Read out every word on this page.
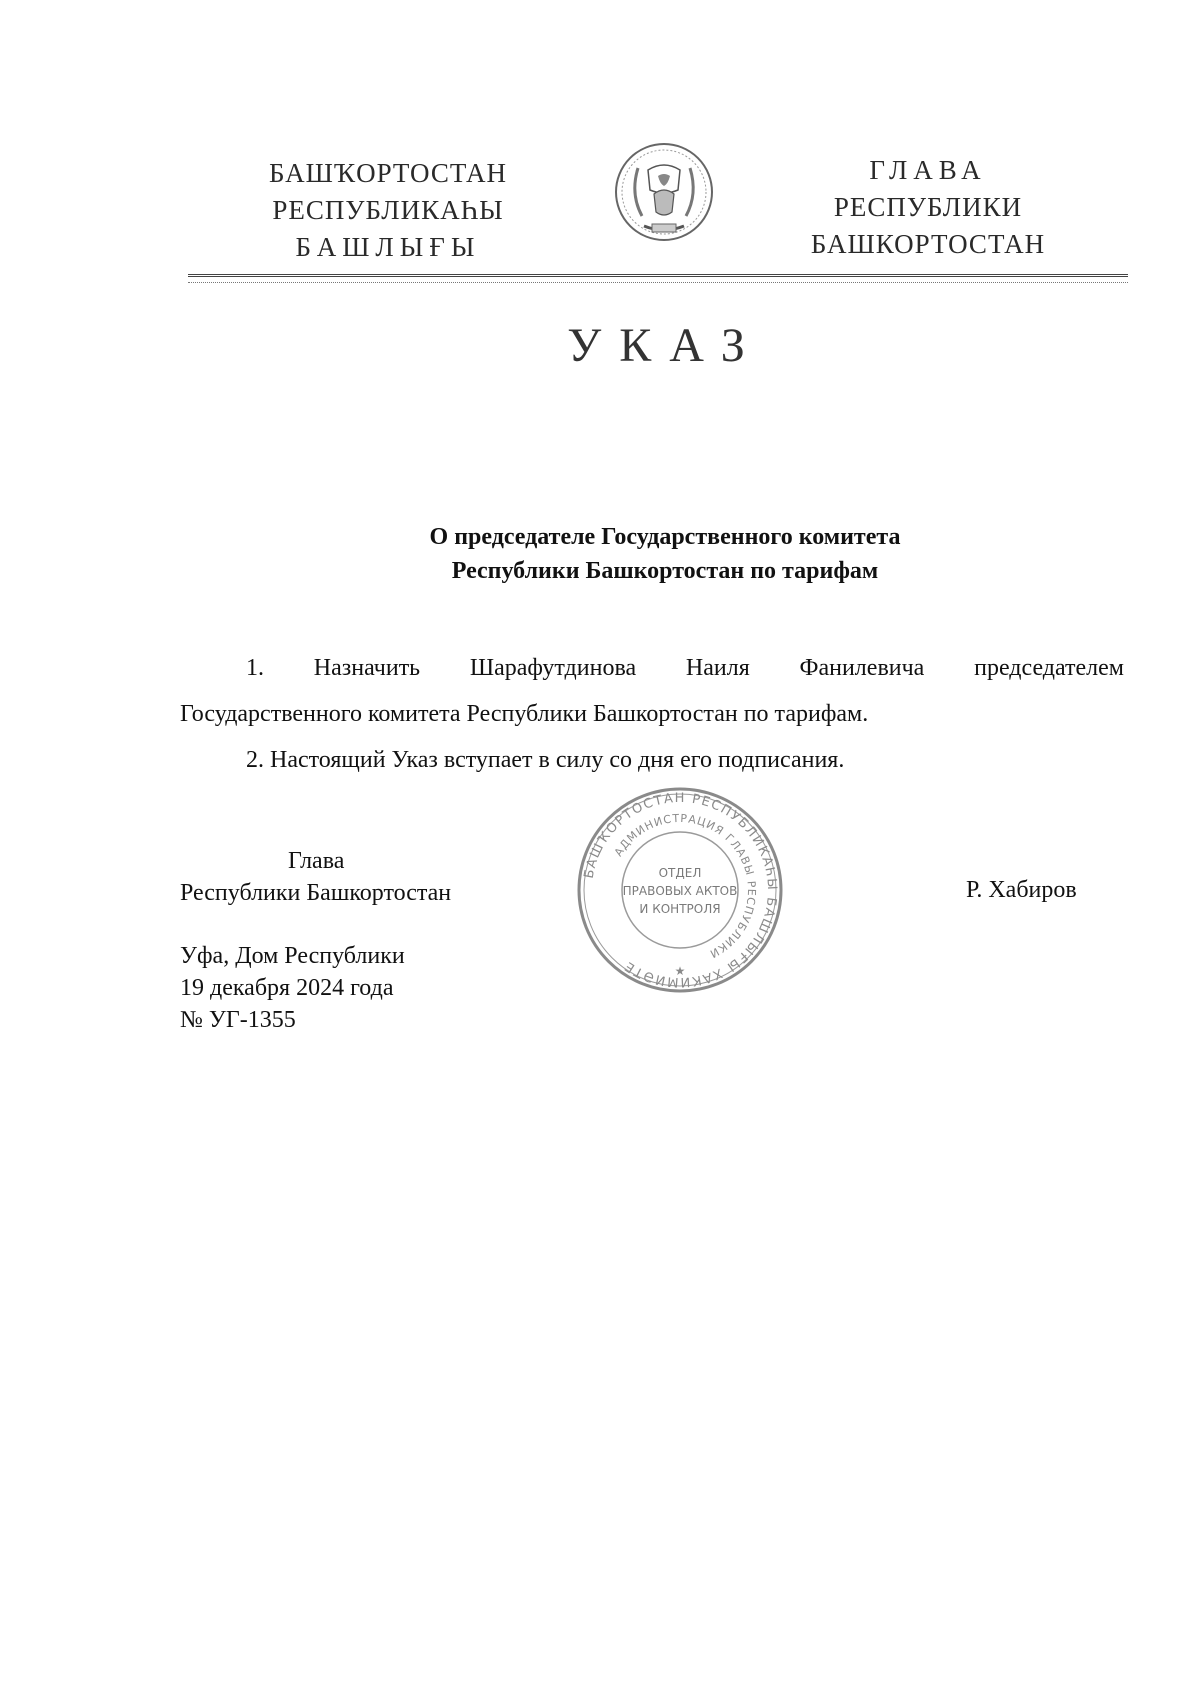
БАШҠОРТОСТАН
РЕСПУБЛИКАҺЫ
БАШЛЫҒЫ
ГЛАВА
РЕСПУБЛИКИ
БАШКОРТОСТАН
УКАЗ
О председателе Государственного комитета
Республики Башкортостан по тарифам
1. Назначить Шарафутдинова Наиля Фанилевича председателем
Государственного комитета Республики Башкортостан по тарифам.
2. Настоящий Указ вступает в силу со дня его подписания.
БАШҠОРТОСТАН РЕСПУБЛИКАҺЫ БАШЛЫҒЫ ХАКИМИӘТЕ
АДМИНИСТРАЦИЯ ГЛАВЫ РЕСПУБЛИКИ
ОТДЕЛ
ПРАВОВЫХ АКТОВ
И КОНТРОЛЯ
★
Глава
Республики Башкортостан	Р. Хабиров
Уфа, Дом Республики
19 декабря 2024 года
№ УГ-1355
